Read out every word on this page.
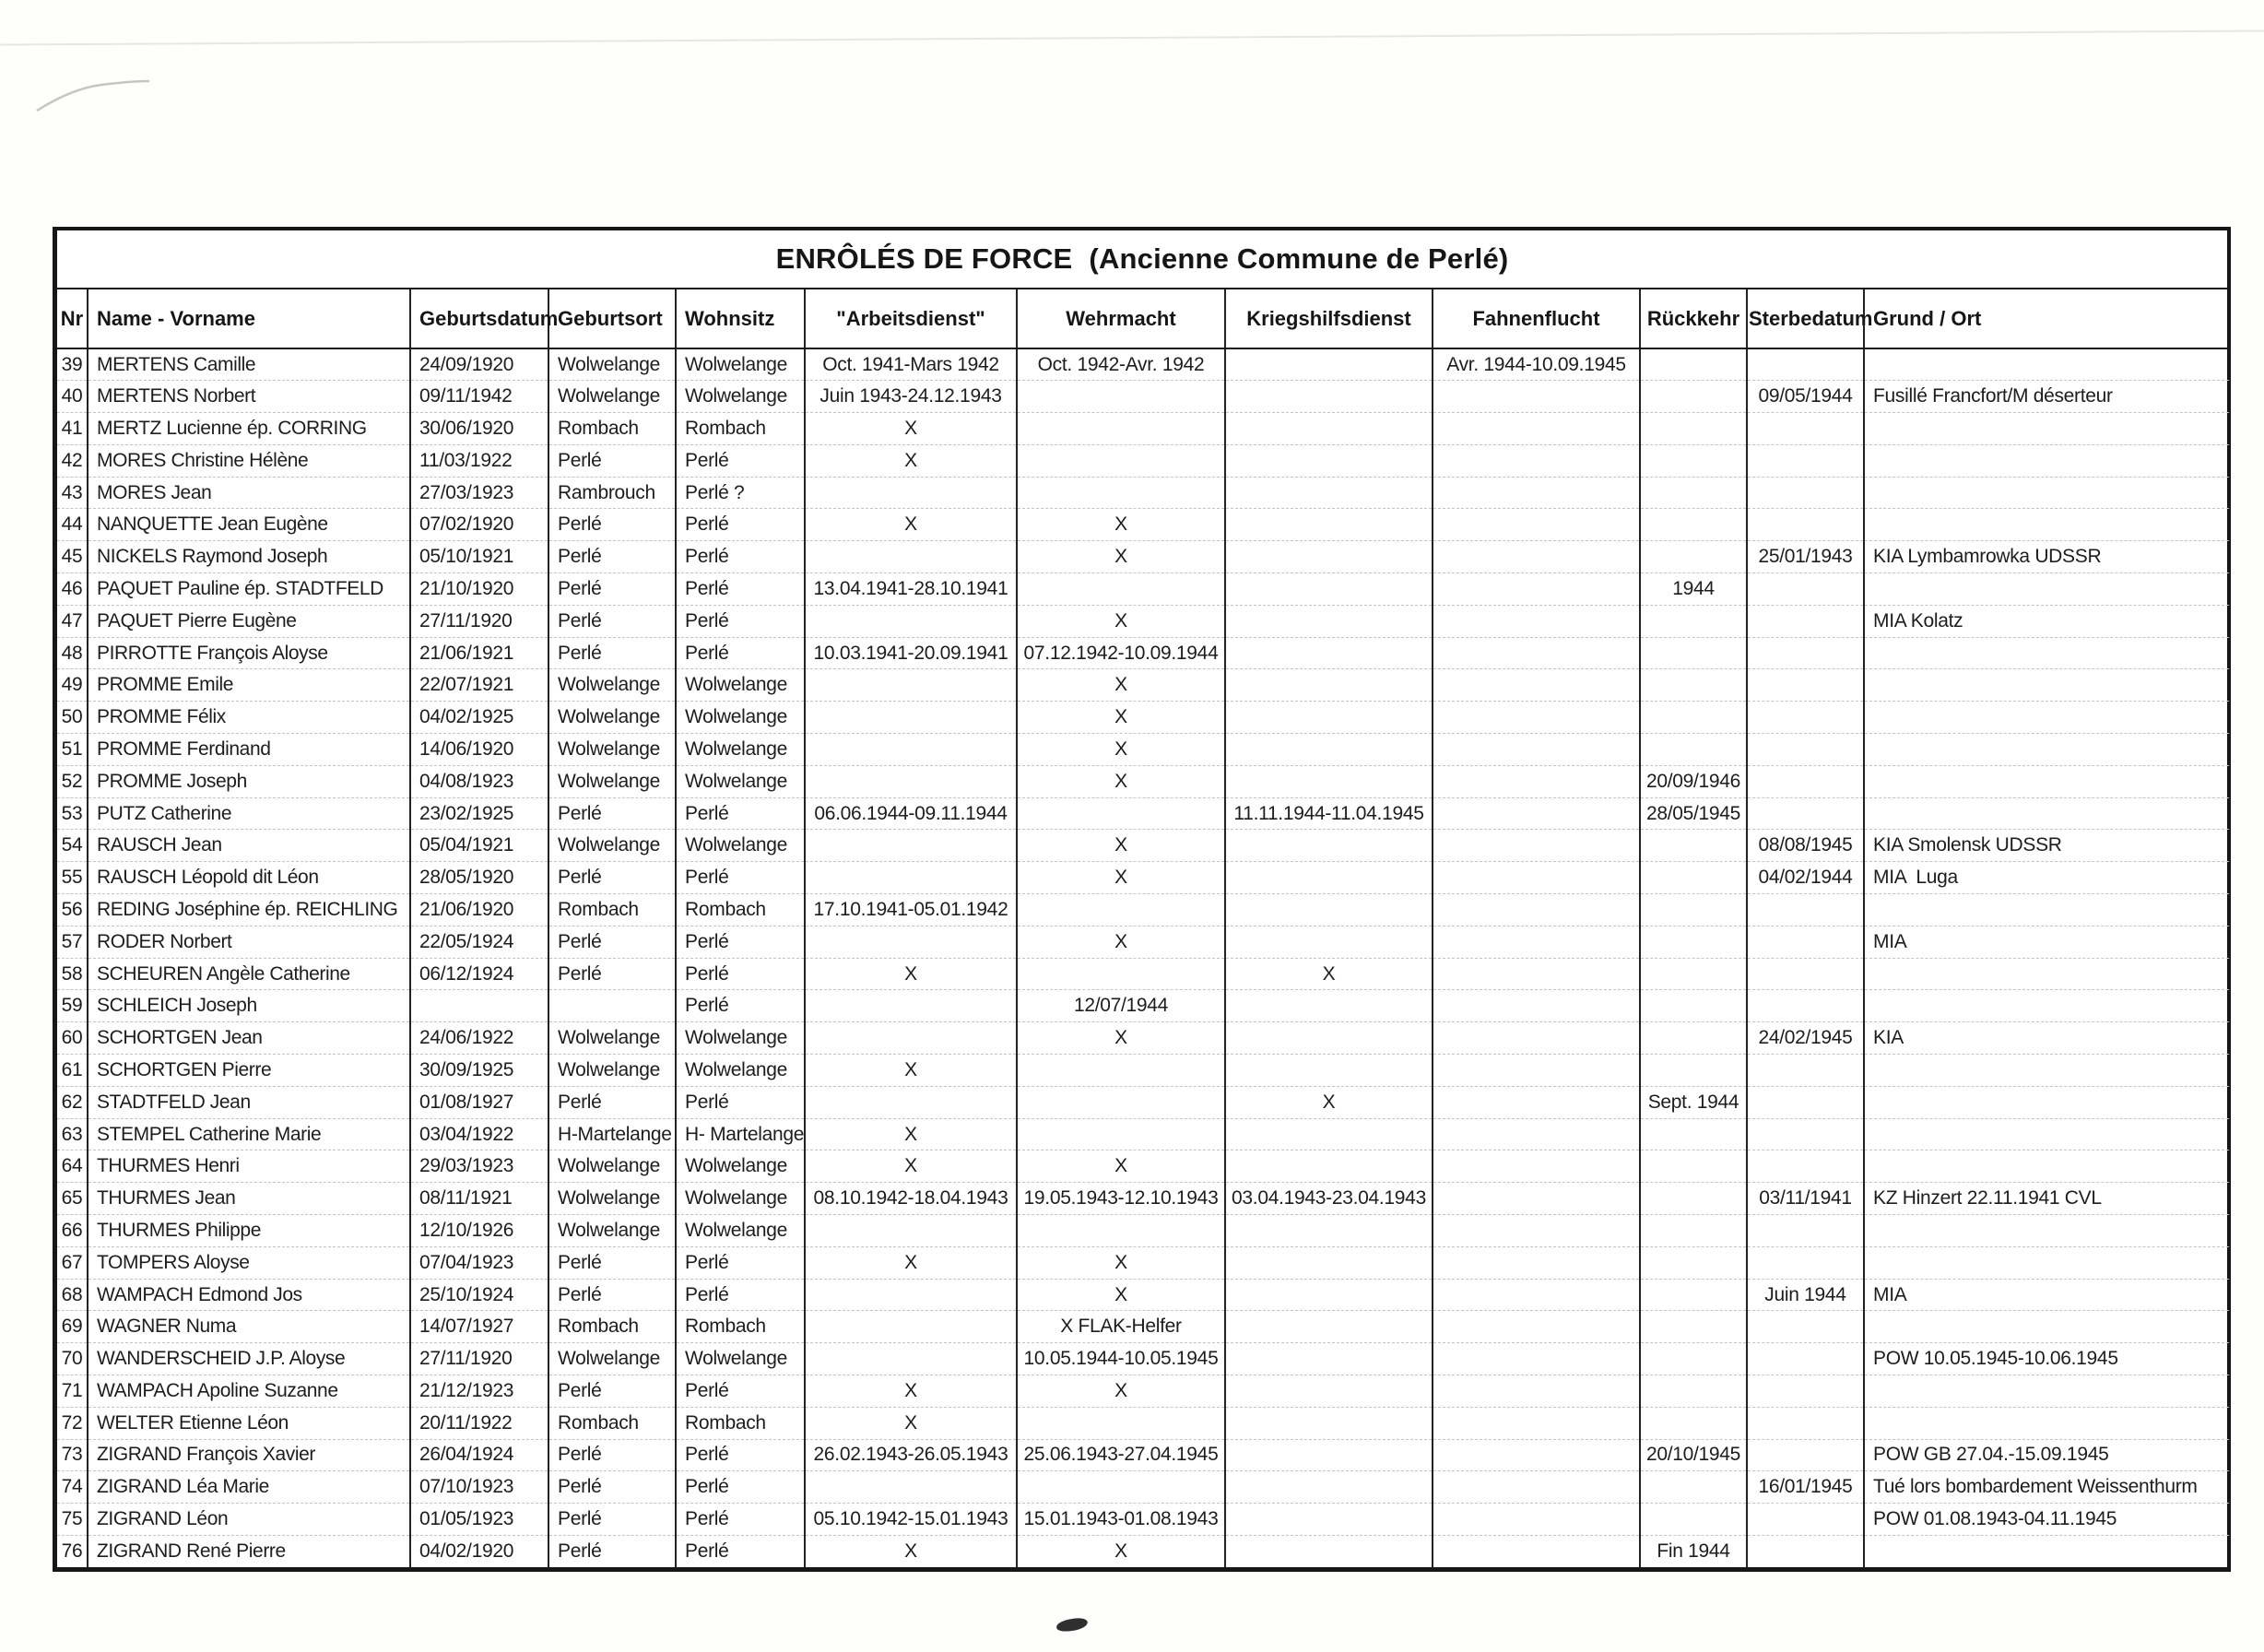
ENRÔLÉS DE FORCE (Ancienne Commune de Perlé)
Nr	Name - Vorname	Geburtsdatum	Geburtsort	Wohnsitz	"Arbeitsdienst"	Wehrmacht	Kriegshilfsdienst	Fahnenflucht	Rückkehr	Sterbedatum	Grund / Ort
39	MERTENS Camille	24/09/1920	Wolwelange	Wolwelange	Oct. 1941-Mars 1942	Oct. 1942-Avr. 1942		Avr. 1944-10.09.1945			
40	MERTENS Norbert	09/11/1942	Wolwelange	Wolwelange	Juin 1943-24.12.1943					09/05/1944	Fusillé Francfort/M déserteur
41	MERTZ Lucienne ép. CORRING	30/06/1920	Rombach	Rombach	X						
42	MORES Christine Hélène	11/03/1922	Perlé	Perlé	X						
43	MORES Jean	27/03/1923	Rambrouch	Perlé ?							
44	NANQUETTE Jean Eugène	07/02/1920	Perlé	Perlé	X	X					
45	NICKELS Raymond Joseph	05/10/1921	Perlé	Perlé		X				25/01/1943	KIA Lymbamrowka UDSSR
46	PAQUET Pauline ép. STADTFELD	21/10/1920	Perlé	Perlé	13.04.1941-28.10.1941				1944		
47	PAQUET Pierre Eugène	27/11/1920	Perlé	Perlé		X					MIA Kolatz
48	PIRROTTE François Aloyse	21/06/1921	Perlé	Perlé	10.03.1941-20.09.1941	07.12.1942-10.09.1944					
49	PROMME Emile	22/07/1921	Wolwelange	Wolwelange		X					
50	PROMME Félix	04/02/1925	Wolwelange	Wolwelange		X					
51	PROMME Ferdinand	14/06/1920	Wolwelange	Wolwelange		X					
52	PROMME Joseph	04/08/1923	Wolwelange	Wolwelange		X			20/09/1946		
53	PUTZ Catherine	23/02/1925	Perlé	Perlé	06.06.1944-09.11.1944		11.11.1944-11.04.1945		28/05/1945		
54	RAUSCH Jean	05/04/1921	Wolwelange	Wolwelange		X				08/08/1945	KIA Smolensk UDSSR
55	RAUSCH Léopold dit Léon	28/05/1920	Perlé	Perlé		X				04/02/1944	MIA  Luga
56	REDING Joséphine ép. REICHLING	21/06/1920	Rombach	Rombach	17.10.1941-05.01.1942						
57	RODER Norbert	22/05/1924	Perlé	Perlé		X					MIA
58	SCHEUREN Angèle Catherine	06/12/1924	Perlé	Perlé	X		X				
59	SCHLEICH Joseph			Perlé		12/07/1944					
60	SCHORTGEN Jean	24/06/1922	Wolwelange	Wolwelange		X				24/02/1945	KIA
61	SCHORTGEN Pierre	30/09/1925	Wolwelange	Wolwelange	X						
62	STADTFELD Jean	01/08/1927	Perlé	Perlé			X		Sept. 1944		
63	STEMPEL Catherine Marie	03/04/1922	H-Martelange	H- Martelange	X						
64	THURMES Henri	29/03/1923	Wolwelange	Wolwelange	X	X					
65	THURMES Jean	08/11/1921	Wolwelange	Wolwelange	08.10.1942-18.04.1943	19.05.1943-12.10.1943	03.04.1943-23.04.1943			03/11/1941	KZ Hinzert 22.11.1941 CVL
66	THURMES Philippe	12/10/1926	Wolwelange	Wolwelange							
67	TOMPERS Aloyse	07/04/1923	Perlé	Perlé	X	X					
68	WAMPACH Edmond Jos	25/10/1924	Perlé	Perlé		X				Juin 1944	MIA
69	WAGNER Numa	14/07/1927	Rombach	Rombach		X FLAK-Helfer					
70	WANDERSCHEID J.P. Aloyse	27/11/1920	Wolwelange	Wolwelange		10.05.1944-10.05.1945					POW 10.05.1945-10.06.1945
71	WAMPACH Apoline Suzanne	21/12/1923	Perlé	Perlé	X	X					
72	WELTER Etienne Léon	20/11/1922	Rombach	Rombach	X						
73	ZIGRAND François Xavier	26/04/1924	Perlé	Perlé	26.02.1943-26.05.1943	25.06.1943-27.04.1945			20/10/1945		POW GB 27.04.-15.09.1945
74	ZIGRAND Léa Marie	07/10/1923	Perlé	Perlé						16/01/1945	Tué lors bombardement Weissenthurm
75	ZIGRAND Léon	01/05/1923	Perlé	Perlé	05.10.1942-15.01.1943	15.01.1943-01.08.1943					POW 01.08.1943-04.11.1945
76	ZIGRAND René Pierre	04/02/1920	Perlé	Perlé	X	X			Fin 1944		
